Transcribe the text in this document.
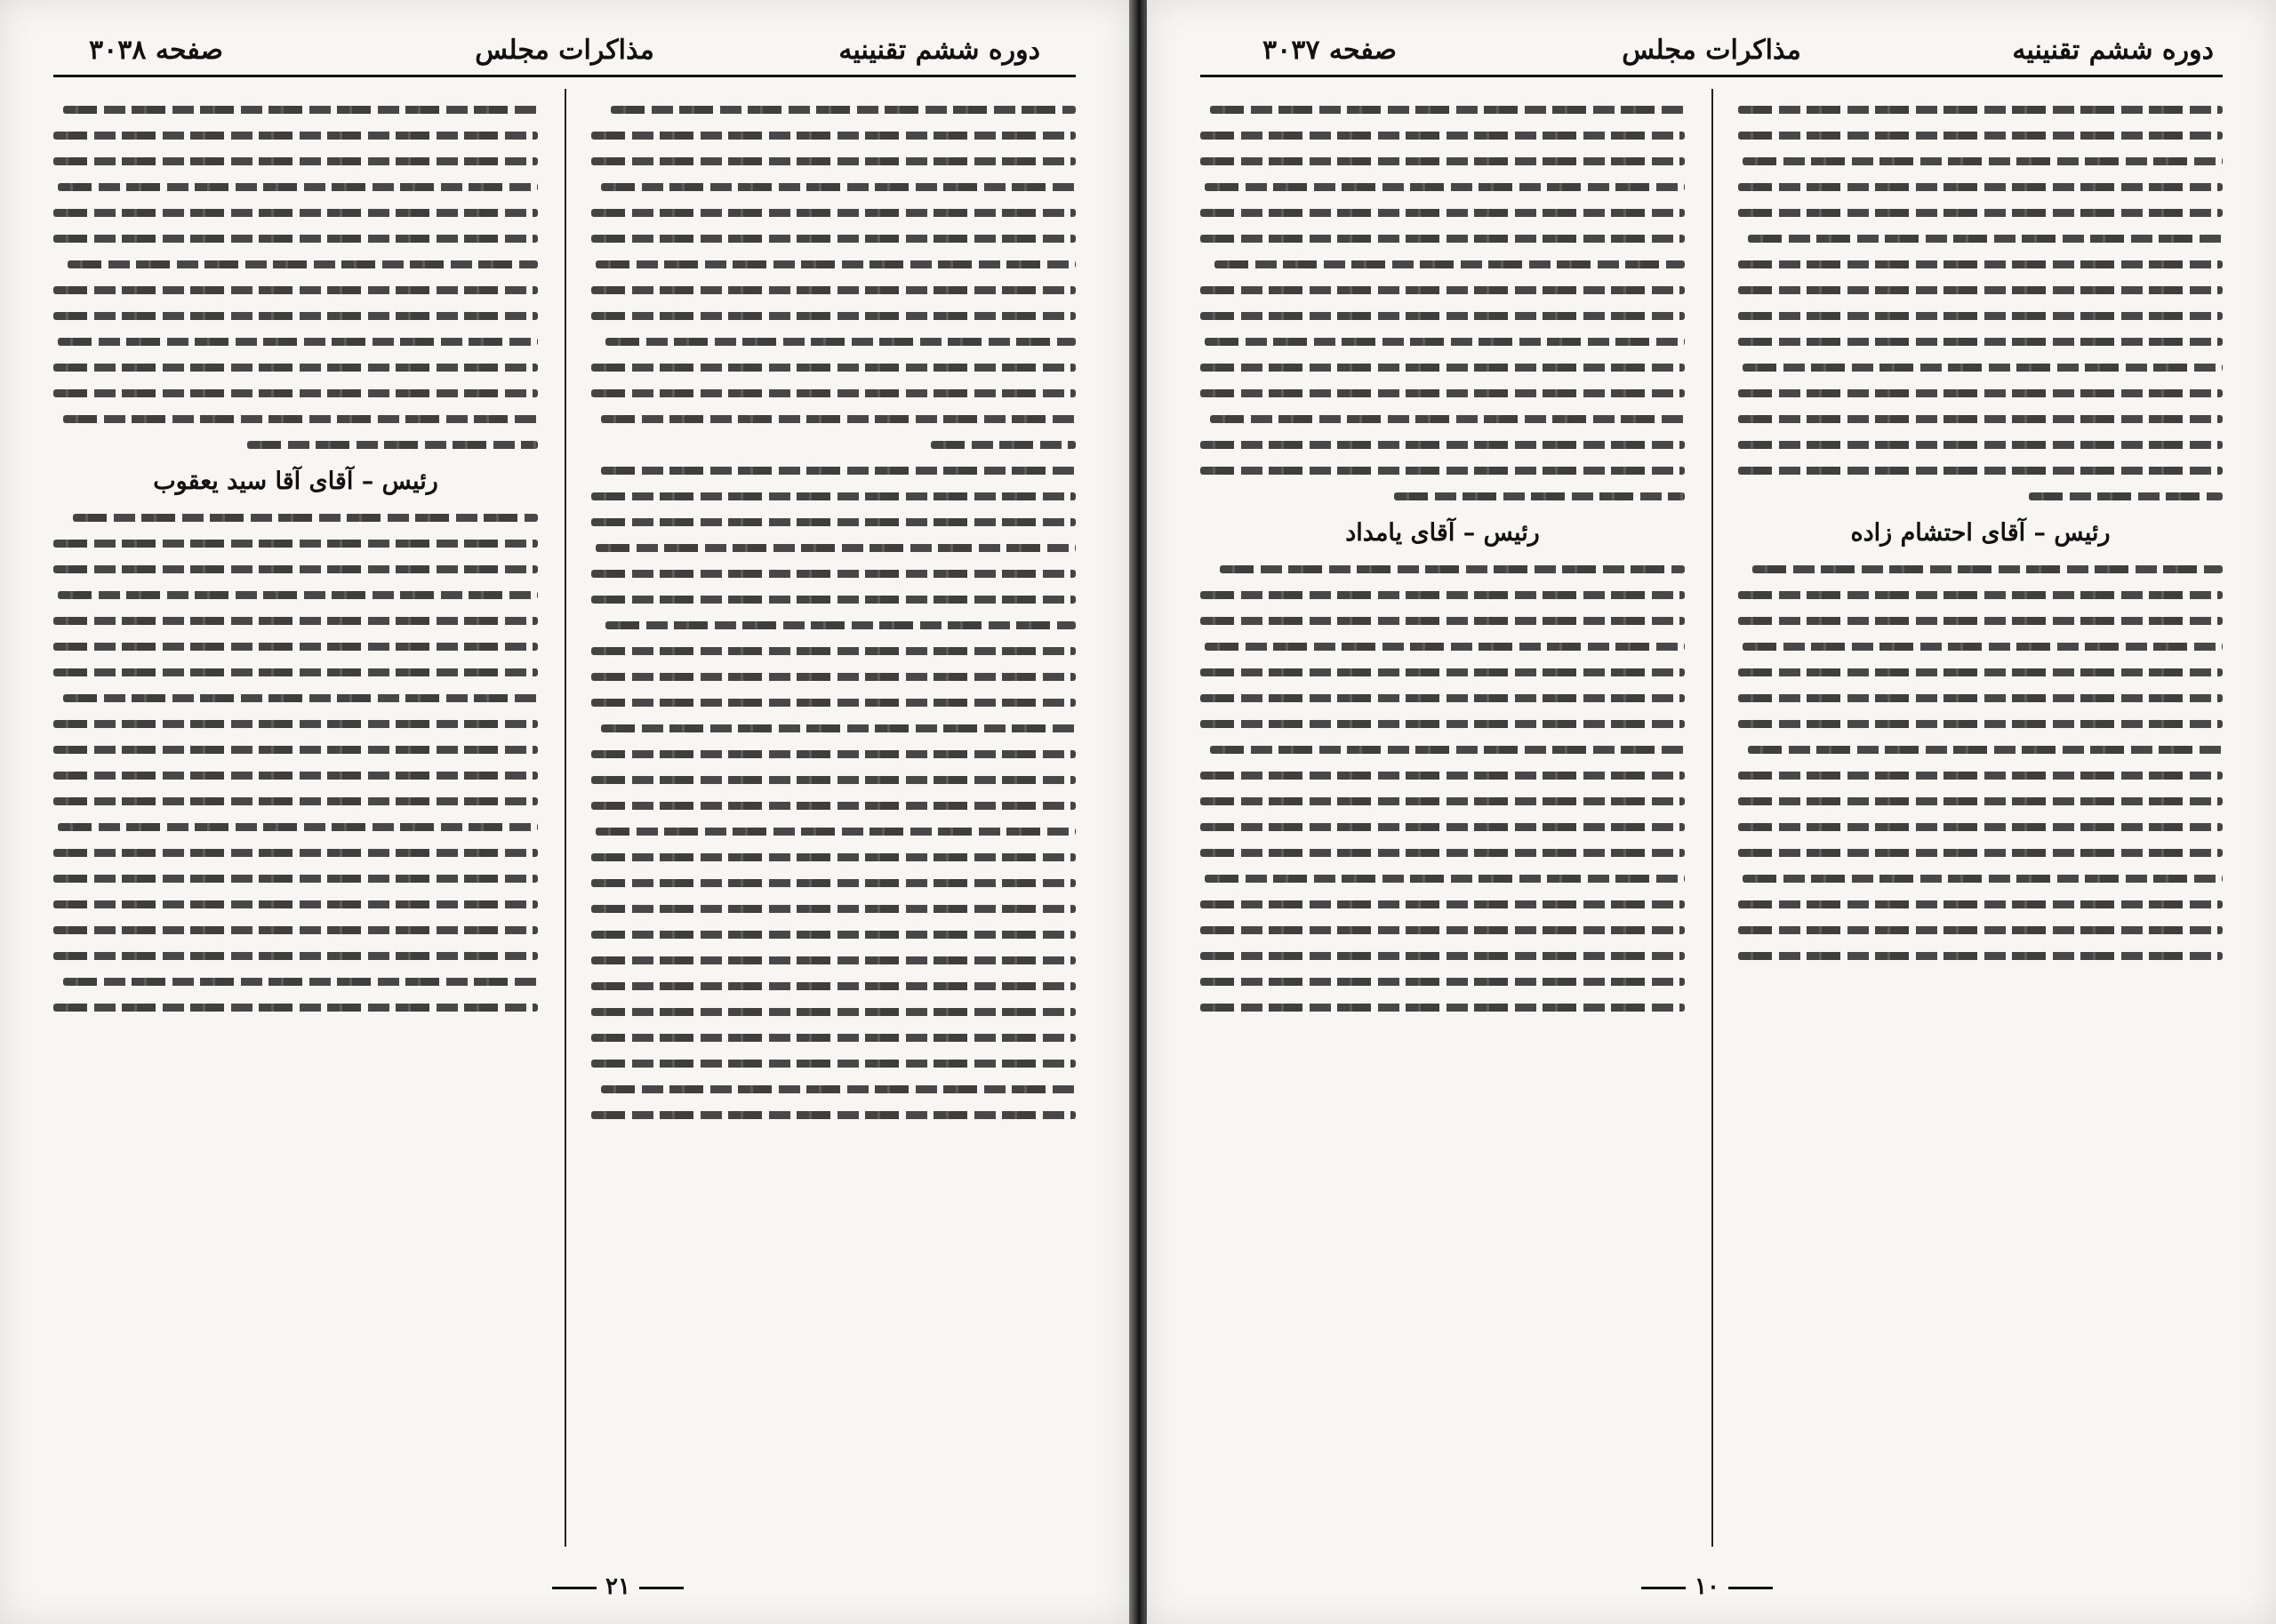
دوره ششم تقنینیه
مذاکرات مجلس
صفحه ۳۰۳۸
رئیس – آقای آقا سید یعقوب
۲۱
دوره ششم تقنینیه
مذاکرات مجلس
صفحه ۳۰۳۷
رئیس – آقای احتشام زاده
رئیس – آقای یامداد
۱۰
